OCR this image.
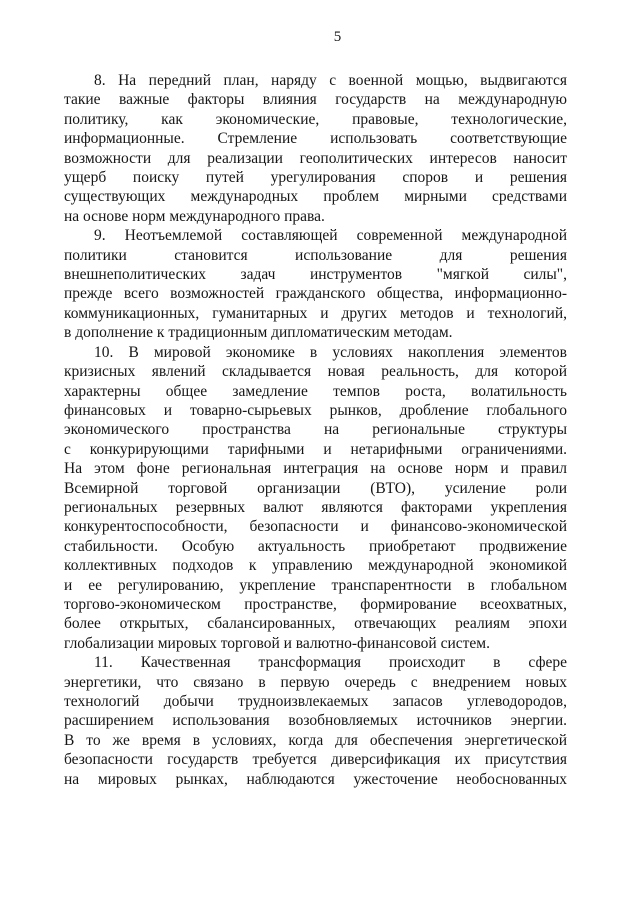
5
8. На передний план, наряду с военной мощью, выдвигаются
такие важные факторы влияния государств на международную
политику, как экономические, правовые, технологические,
информационные. Стремление использовать соответствующие
возможности для реализации геополитических интересов наносит
ущерб поиску путей урегулирования споров и решения
существующих международных проблем мирными средствами
на основе норм международного права.
9. Неотъемлемой составляющей современной международной
политики становится использование для решения
внешнеполитических задач инструментов "мягкой силы",
прежде всего возможностей гражданского общества, информационно-
коммуникационных, гуманитарных и других методов и технологий,
в дополнение к традиционным дипломатическим методам.
10. В мировой экономике в условиях накопления элементов
кризисных явлений складывается новая реальность, для которой
характерны общее замедление темпов роста, волатильность
финансовых и товарно-сырьевых рынков, дробление глобального
экономического пространства на региональные структуры
с конкурирующими тарифными и нетарифными ограничениями.
На этом фоне региональная интеграция на основе норм и правил
Всемирной торговой организации (ВТО), усиление роли
региональных резервных валют являются факторами укрепления
конкурентоспособности, безопасности и финансово-экономической
стабильности. Особую актуальность приобретают продвижение
коллективных подходов к управлению международной экономикой
и ее регулированию, укрепление транспарентности в глобальном
торгово-экономическом пространстве, формирование всеохватных,
более открытых, сбалансированных, отвечающих реалиям эпохи
глобализации мировых торговой и валютно-финансовой систем.
11. Качественная трансформация происходит в сфере
энергетики, что связано в первую очередь с внедрением новых
технологий добычи трудноизвлекаемых запасов углеводородов,
расширением использования возобновляемых источников энергии.
В то же время в условиях, когда для обеспечения энергетической
безопасности государств требуется диверсификация их присутствия
на мировых рынках, наблюдаются ужесточение необоснованных
